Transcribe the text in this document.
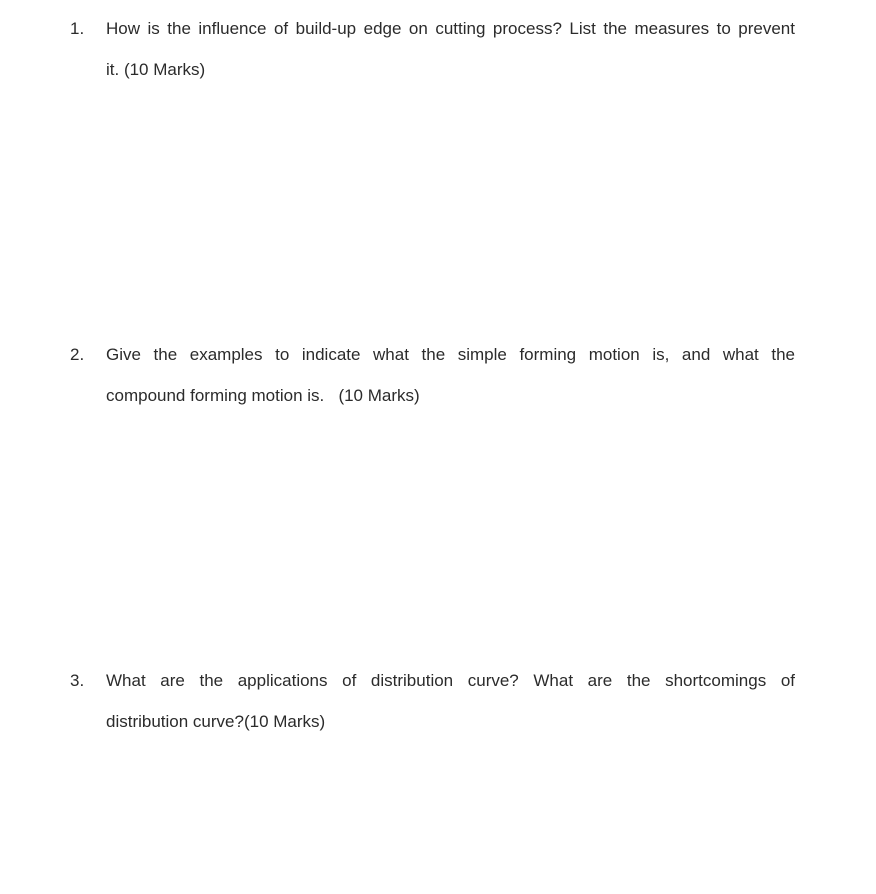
1. How is the influence of build-up edge on cutting process? List the measures to prevent
it. (10 Marks)
2. Give the examples to indicate what the simple forming motion is, and what the
compound forming motion is.   (10 Marks)
3. What are the applications of distribution curve? What are the shortcomings of
distribution curve?(10 Marks)
